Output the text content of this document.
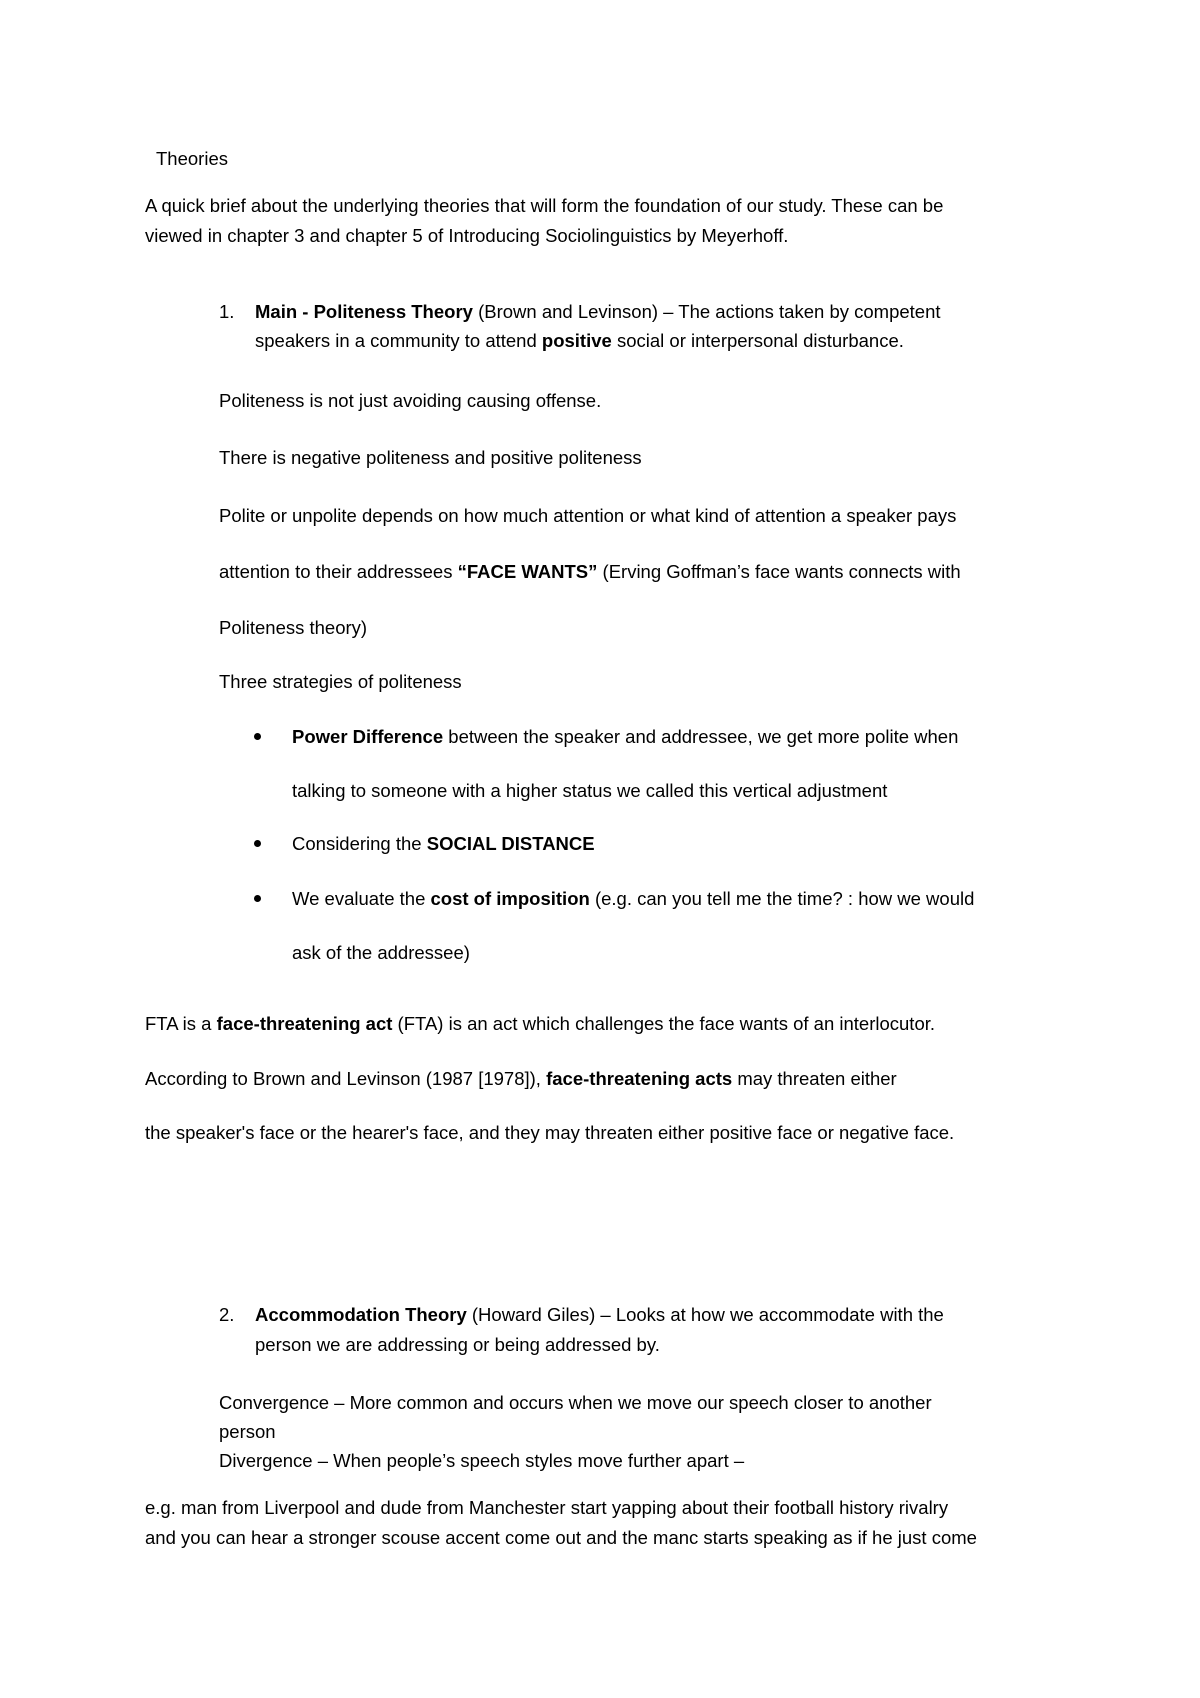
Theories
A quick brief about the underlying theories that will form the foundation of our study. These can be
viewed in chapter 3 and chapter 5 of Introducing Sociolinguistics by Meyerhoff.
1. Main - Politeness Theory (Brown and Levinson) – The actions taken by competent
speakers in a community to attend positive social or interpersonal disturbance.
Politeness is not just avoiding causing offense.
There is negative politeness and positive politeness
Polite or unpolite depends on how much attention or what kind of attention a speaker pays
attention to their addressees “FACE WANTS” (Erving Goffman’s face wants connects with
Politeness theory)
Three strategies of politeness
Power Difference between the speaker and addressee, we get more polite when
talking to someone with a higher status we called this vertical adjustment
Considering the SOCIAL DISTANCE
We evaluate the cost of imposition (e.g. can you tell me the time? : how we would
ask of the addressee)
FTA is a face-threatening act (FTA) is an act which challenges the face wants of an interlocutor.
According to Brown and Levinson (1987 [1978]), face-threatening acts may threaten either
the speaker's face or the hearer's face, and they may threaten either positive face or negative face.
2. Accommodation Theory (Howard Giles) – Looks at how we accommodate with the
person we are addressing or being addressed by.
Convergence – More common and occurs when we move our speech closer to another
person
Divergence – When people’s speech styles move further apart –
e.g. man from Liverpool and dude from Manchester start yapping about their football history rivalry
and you can hear a stronger scouse accent come out and the manc starts speaking as if he just come
